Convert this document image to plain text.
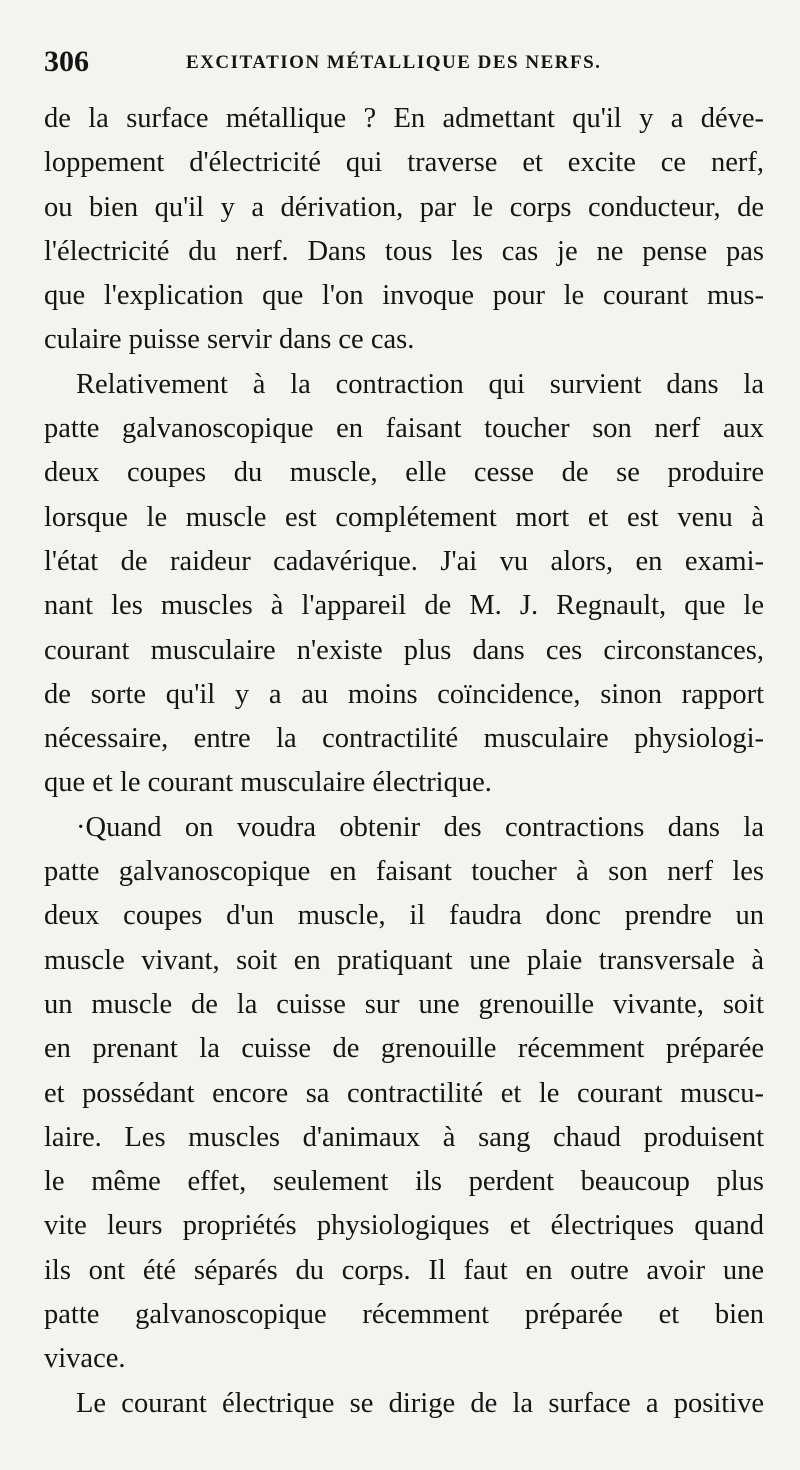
306	EXCITATION MÉTALLIQUE DES NERFS.
de la surface métallique ? En admettant qu'il y a déve-
loppement d'électricité qui traverse et excite ce nerf,
ou bien qu'il y a dérivation, par le corps conducteur, de
l'électricité du nerf. Dans tous les cas je ne pense pas
que l'explication que l'on invoque pour le courant mus-
culaire puisse servir dans ce cas.
Relativement à la contraction qui survient dans la
patte galvanoscopique en faisant toucher son nerf aux
deux coupes du muscle, elle cesse de se produire
lorsque le muscle est complétement mort et est venu à
l'état de raideur cadavérique. J'ai vu alors, en exami-
nant les muscles à l'appareil de M. J. Regnault, que le
courant musculaire n'existe plus dans ces circonstances,
de sorte qu'il y a au moins coïncidence, sinon rapport
nécessaire, entre la contractilité musculaire physiologi-
que et le courant musculaire électrique.
·Quand on voudra obtenir des contractions dans la
patte galvanoscopique en faisant toucher à son nerf les
deux coupes d'un muscle, il faudra donc prendre un
muscle vivant, soit en pratiquant une plaie transversale à
un muscle de la cuisse sur une grenouille vivante, soit
en prenant la cuisse de grenouille récemment préparée
et possédant encore sa contractilité et le courant muscu-
laire. Les muscles d'animaux à sang chaud produisent
le même effet, seulement ils perdent beaucoup plus
vite leurs propriétés physiologiques et électriques quand
ils ont été séparés du corps. Il faut en outre avoir une
patte galvanoscopique récemment préparée et bien
vivace.
Le courant électrique se dirige de la surface a positive
